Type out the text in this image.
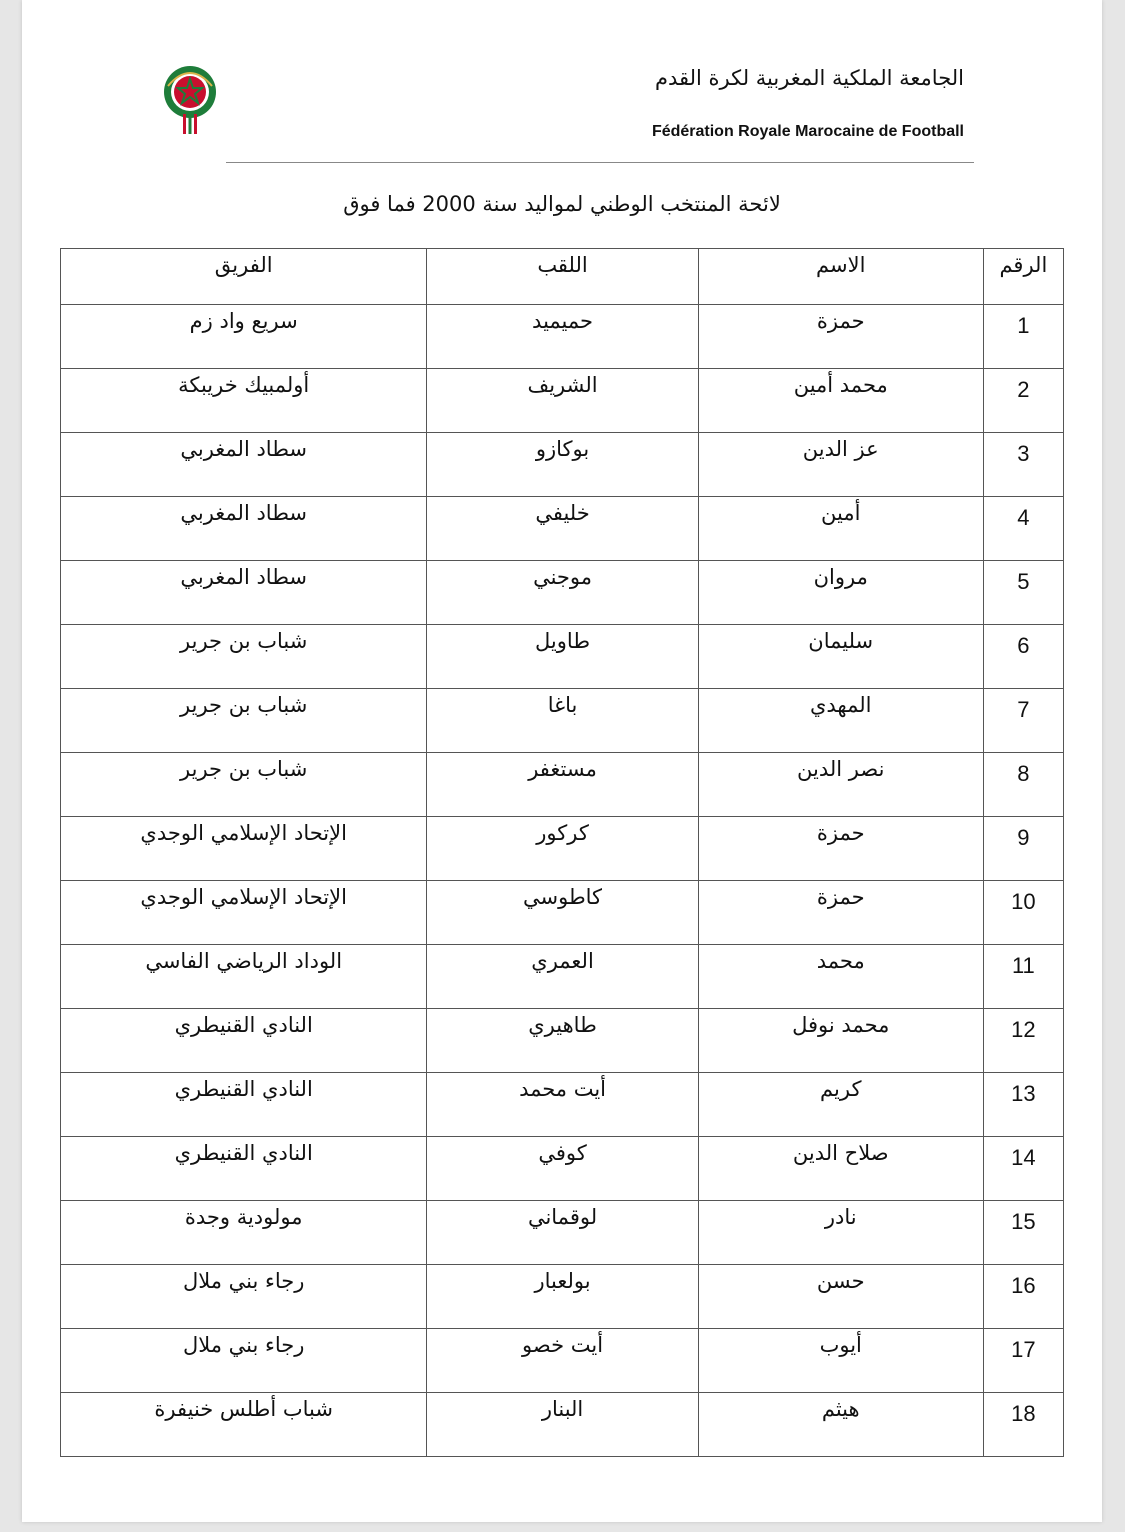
الجامعة الملكية المغربية لكرة القدم
Fédération Royale Marocaine de Football
لائحة المنتخب الوطني لمواليد سنة 2000 فما فوق
الرقم	الاسم	اللقب	الفريق
1	حمزة	حميميد	سريع واد زم
2	محمد أمين	الشريف	أولمبيك خريبكة
3	عز الدين	بوكازو	سطاد المغربي
4	أمين	خليفي	سطاد المغربي
5	مروان	موجني	سطاد المغربي
6	سليمان	طاويل	شباب بن جرير
7	المهدي	باغا	شباب بن جرير
8	نصر الدين	مستغفر	شباب بن جرير
9	حمزة	كركور	الإتحاد الإسلامي الوجدي
10	حمزة	كاطوسي	الإتحاد الإسلامي الوجدي
11	محمد	العمري	الوداد الرياضي الفاسي
12	محمد نوفل	طاهيري	النادي القنيطري
13	كريم	أيت محمد	النادي القنيطري
14	صلاح الدين	كوفي	النادي القنيطري
15	نادر	لوقماني	مولودية وجدة
16	حسن	بولعبار	رجاء بني ملال
17	أيوب	أيت خصو	رجاء بني ملال
18	هيثم	البنار	شباب أطلس خنيفرة
